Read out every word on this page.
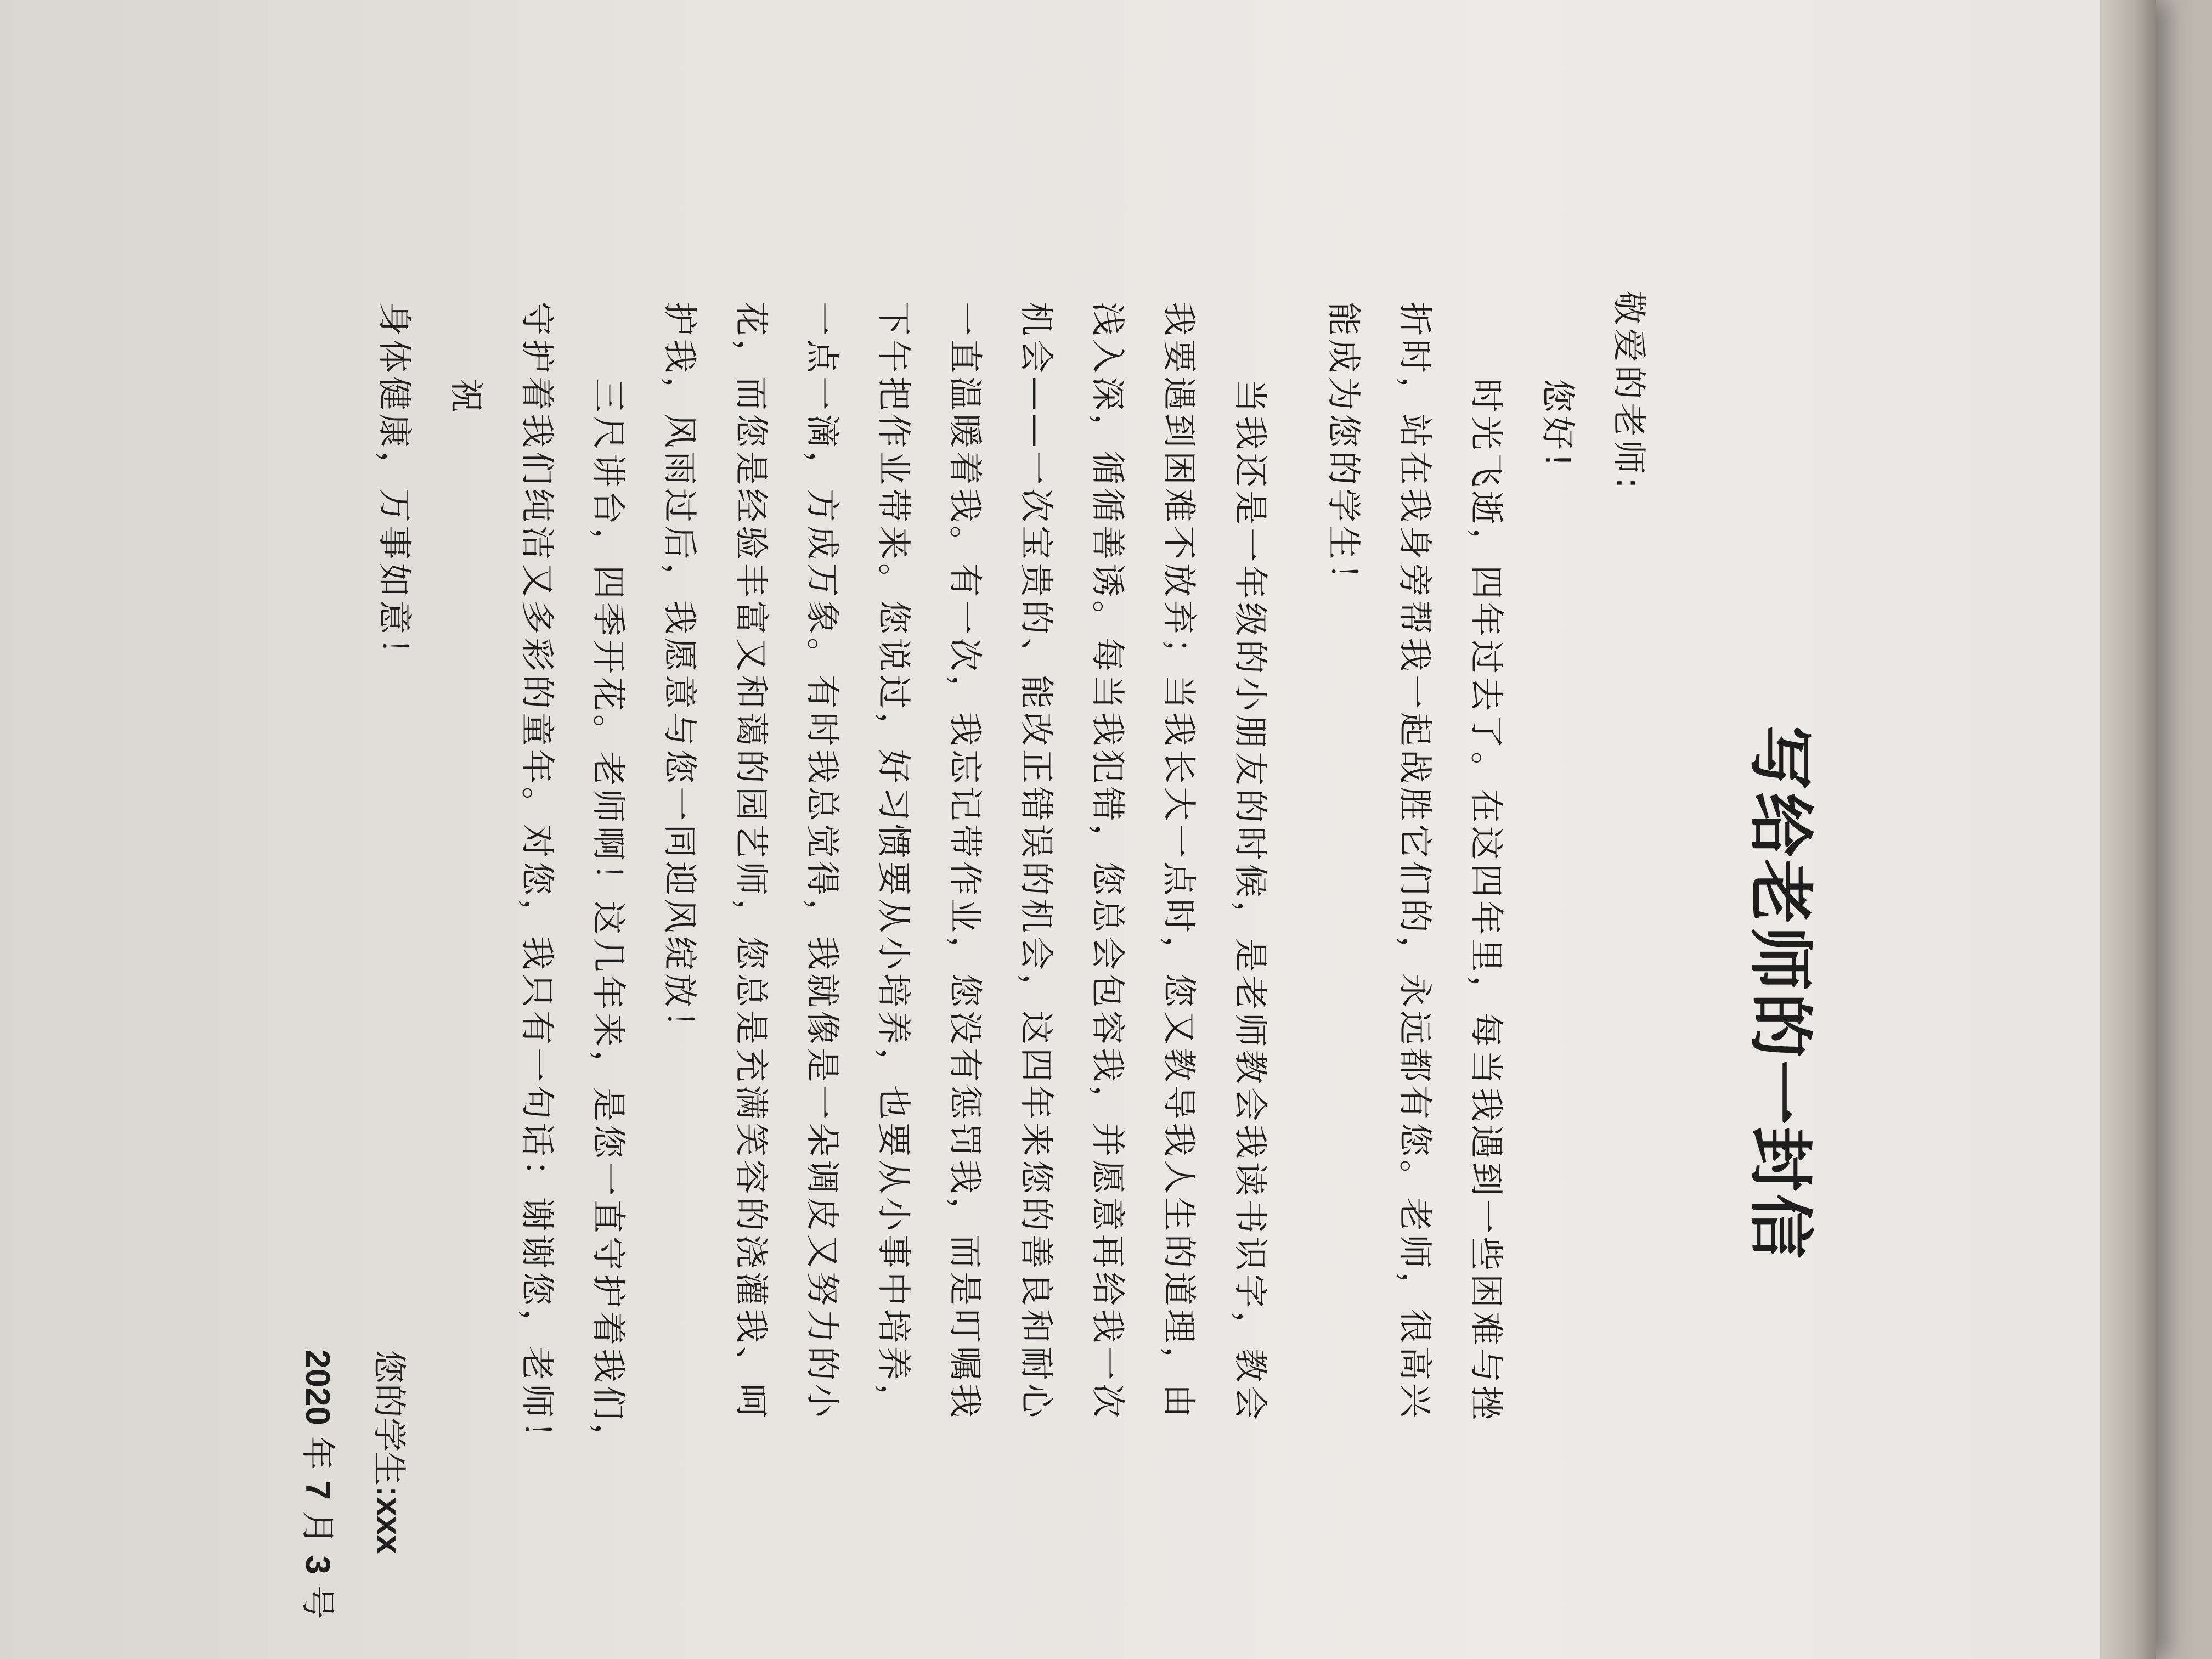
写给老师的一封信
敬爱的老师:
您好!
时光飞逝，四年过去了。在这四年里，每当我遇到一些困难与挫
折时，站在我身旁帮我一起战胜它们的，永远都有您。老师，很高兴
能成为您的学生！
当我还是一年级的小朋友的时候，是老师教会我读书识字，教会
我要遇到困难不放弃；当我长大一点时，您又教导我人生的道理，由
浅入深，循循善诱。每当我犯错，您总会包容我，并愿意再给我一次
机会——一次宝贵的、能改正错误的机会，这四年来您的善良和耐心
一直温暖着我。有一次，我忘记带作业，您没有惩罚我，而是叮嘱我
下午把作业带来。您说过，好习惯要从小培养，也要从小事中培养，
一点一滴，方成万象。有时我总觉得，我就像是一朵调皮又努力的小
花，而您是经验丰富又和蔼的园艺师，您总是充满笑容的浇灌我、呵
护我，风雨过后，我愿意与您一同迎风绽放！
三尺讲台，四季开花。老师啊！这几年来，是您一直守护着我们，
守护着我们纯洁又多彩的童年。对您，我只有一句话：谢谢您，老师！
祝
身体健康，万事如意！
您的学生:xxx
2020 年 7 月 3 号
